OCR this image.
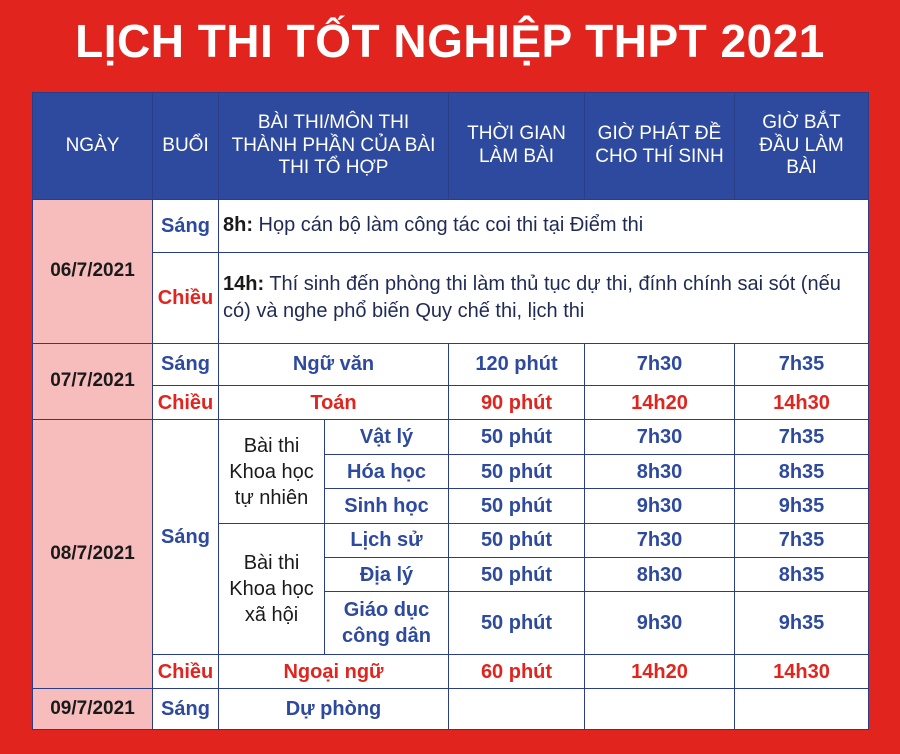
LỊCH THI TỐT NGHIỆP THPT 2021
NGÀY	BUỔI	BÀI THI/MÔN THI THÀNH PHẦN CỦA BÀI THI TỔ HỢP		THỜI GIAN LÀM BÀI	GIỜ PHÁT ĐỀ CHO THÍ SINH	GIỜ BẮT ĐẦU LÀM BÀI
06/7/2021	Sáng	8h: Họp cán bộ làm công tác coi thi tại Điểm thi				
	Chiều	14h: Thí sinh đến phòng thi làm thủ tục dự thi, đính chính sai sót (nếu có) và nghe phổ biến Quy chế thi, lịch thi				
07/7/2021	Sáng	Ngữ văn		120 phút	7h30	7h35
	Chiều	Toán		90 phút	14h20	14h30
08/7/2021	Sáng	Bài thi Khoa học tự nhiên	Vật lý	50 phút	7h30	7h35
			Hóa học	50 phút	8h30	8h35
			Sinh học	50 phút	9h30	9h35
		Bài thi Khoa học xã hội	Lịch sử	50 phút	7h30	7h35
			Địa lý	50 phút	8h30	8h35
			Giáo dục công dân	50 phút	9h30	9h35
	Chiều	Ngoại ngữ		60 phút	14h20	14h30
09/7/2021	Sáng	Dự phòng				
